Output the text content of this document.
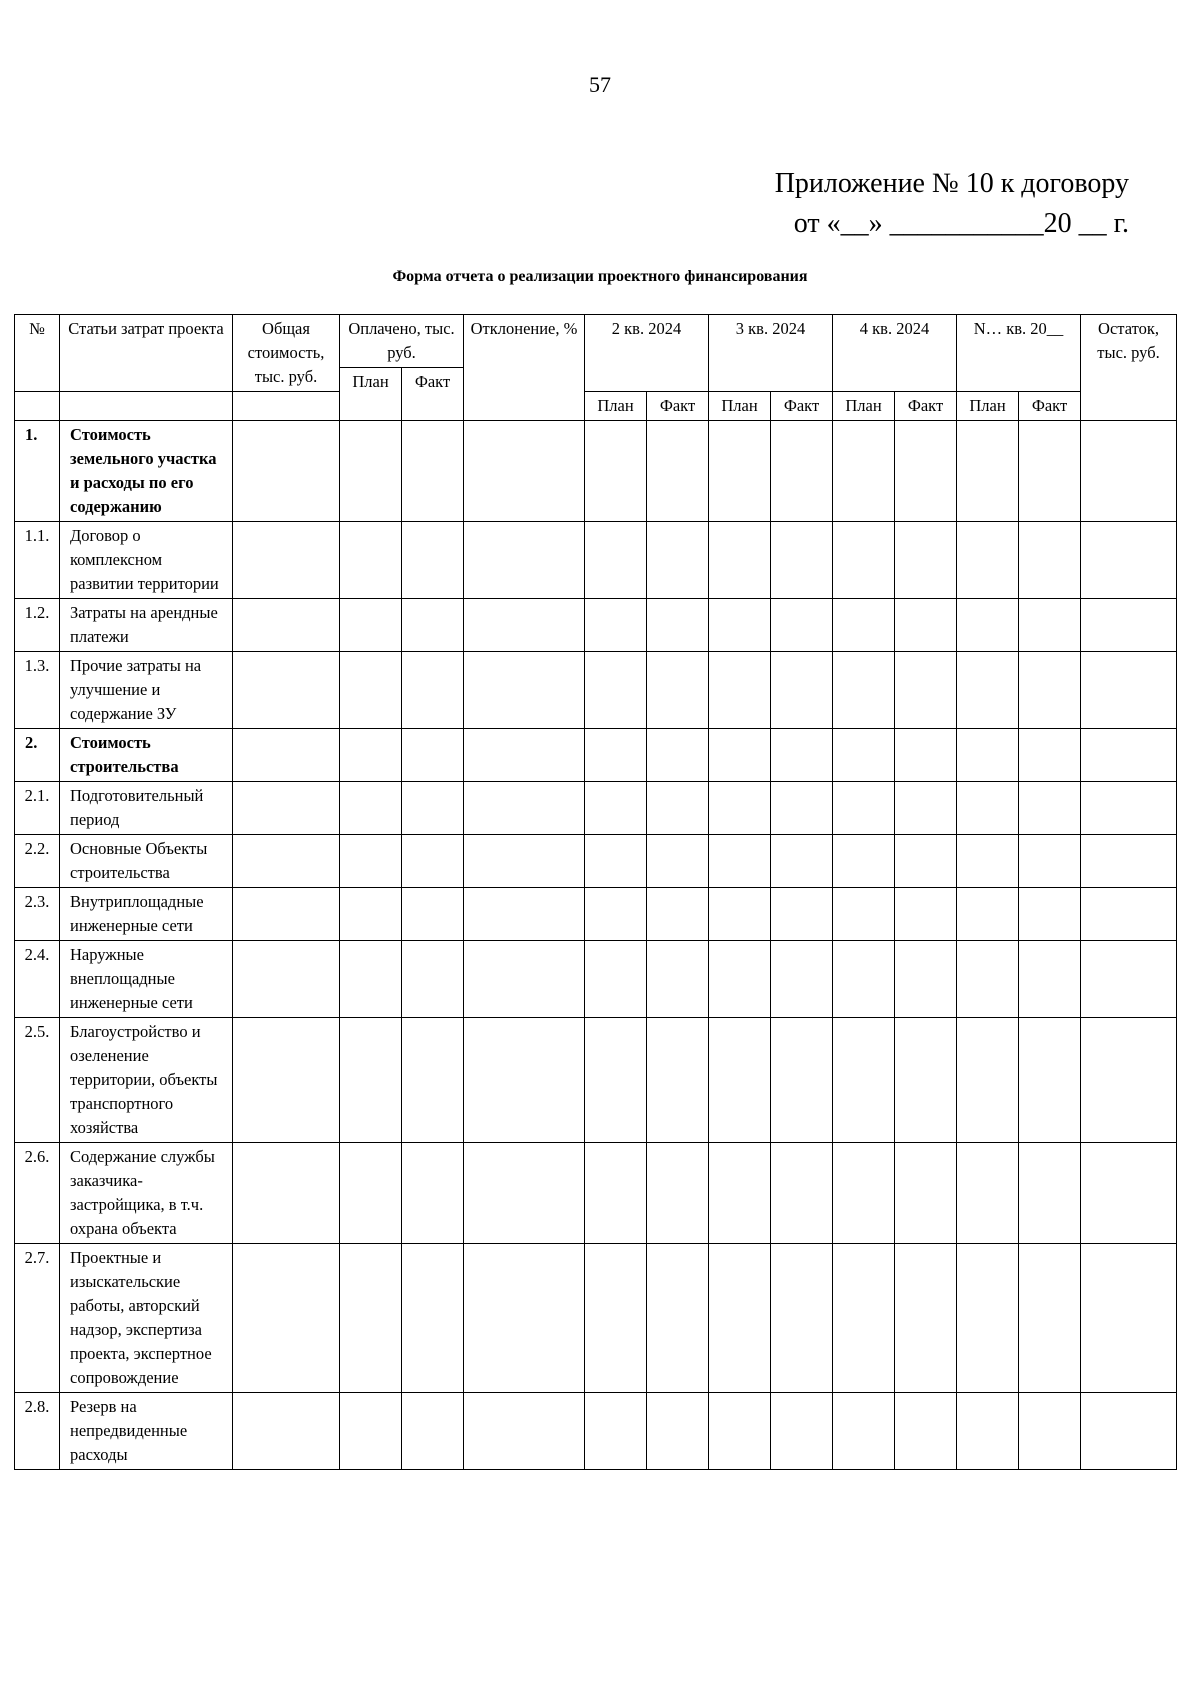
57
Приложение № 10 к договору
от «__» ___________20 __ г.
Форма отчета о реализации проектного финансирования
№	Статьи затрат проекта	Общая стоимость, тыс. руб.	Оплачено, тыс. руб.		Отклонение, %	2 кв. 2024		3 кв. 2024		4 кв. 2024		N… кв. 20__		Остаток, тыс. руб.
			План	Факт										
						План	Факт	План	Факт	План	Факт	План	Факт	
1.	Стоимость земельного участка и расходы по его содержанию													
1.1.	Договор о комплексном развитии территории													
1.2.	Затраты на арендные платежи													
1.3.	Прочие затраты на улучшение и содержание ЗУ													
2.	Стоимость строительства													
2.1.	Подготовительный период													
2.2.	Основные Объекты строительства													
2.3.	Внутриплощадные инженерные сети													
2.4.	Наружные внеплощадные инженерные сети													
2.5.	Благоустройство и озеленение территории, объекты транспортного хозяйства													
2.6.	Содержание службы заказчика-застройщика, в т.ч. охрана объекта													
2.7.	Проектные и изыскательские работы, авторский надзор, экспертиза проекта, экспертное сопровождение													
2.8.	Резерв на непредвиденные расходы													
